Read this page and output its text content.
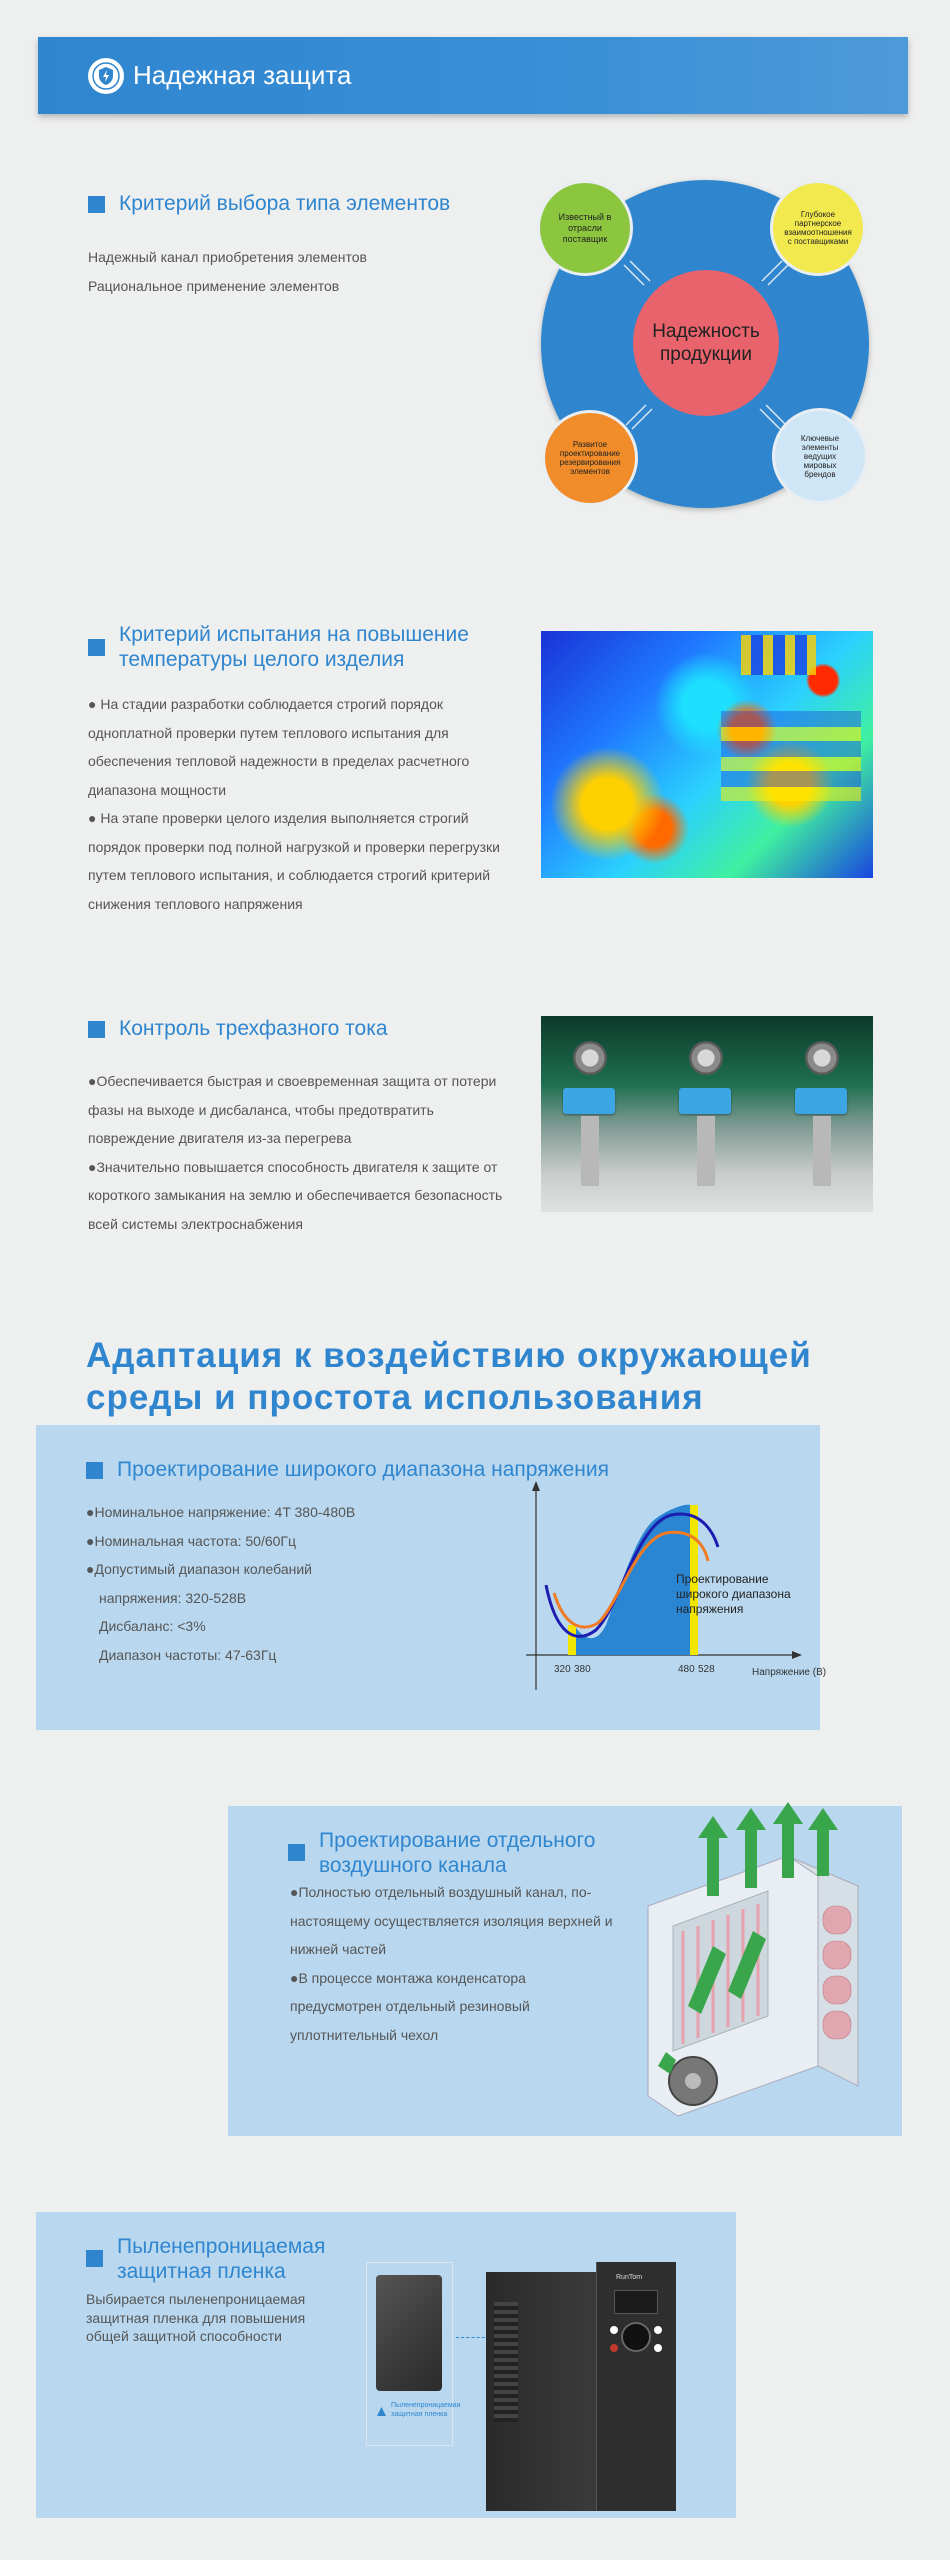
Надежная защита
Критерий выбора типа элементов
Надежный канал приобретения элементов
Рациональное применение элементов
Надежность продукции
Известный в отрасли поставщик
Глубокое партнерское взаимоотношения с поставщиками
Развитое проектирование резервирования элементов
Ключевые элементы ведущих мировых брендов
Критерий испытания на повышение температуры целого изделия
● На стадии разработки соблюдается строгий порядок одноплатной проверки путем теплового испытания для обеспечения тепловой надежности в пределах расчетного диапазона мощности
● На этапе проверки целого изделия выполняется строгий порядок проверки под полной нагрузкой и проверки перегрузки путем теплового испытания, и соблюдается строгий критерий снижения теплового напряжения
Контроль трехфазного тока
●Обеспечивается быстрая и своевременная защита от потери фазы на выходе и дисбаланса, чтобы предотвратить повреждение двигателя из-за перегрева
●Значительно повышается способность двигателя к защите от короткого замыкания на землю и обеспечивается безопасность всей системы электроснабжения
Адаптация к воздействию окружающей среды и простота использования
Проектирование широкого диапазона напряжения
●Номинальное напряжение: 4T 380-480В
●Номинальная частота: 50/60Гц
●Допустимый диапазон колебаний
напряжения: 320-528В
Дисбаланс: <3%
Диапазон частоты: 47-63Гц
320 380	480 528	Напряжение (В)
Проектирование широкого диапазона напряжения
Проектирование отдельного воздушного канала
●Полностью отдельный воздушный канал, по-настоящему осуществляется изоляция верхней и нижней частей
●В процессе монтажа конденсатора предусмотрен отдельный резиновый уплотнительный чехол
Пыленепроницаемая защитная пленка
Выбирается пыленепроницаемая защитная пленка для повышения общей защитной способности
Пыленепроницаемая защитная пленка
RunTom
